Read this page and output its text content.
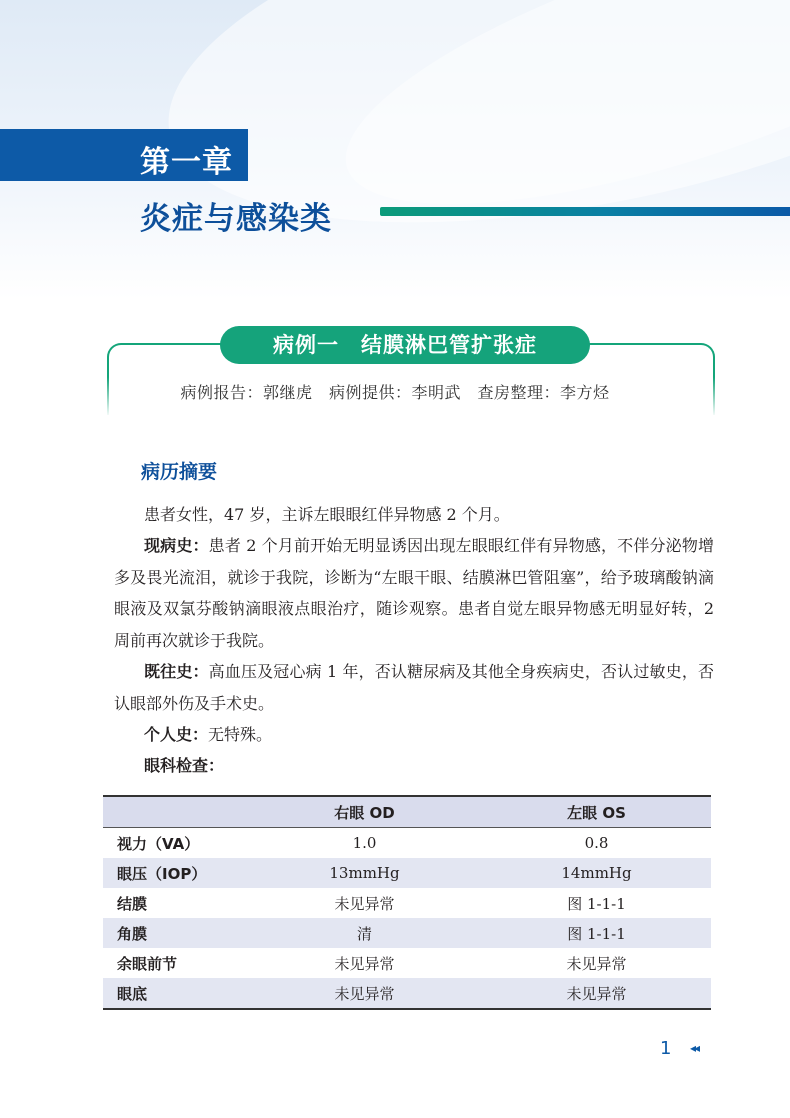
第一章
炎症与感染类
病例一　结膜淋巴管扩张症
病例报告：郭继虎　病例提供：李明武　查房整理：李方烃
病历摘要

患者女性，47 岁，主诉左眼眼红伴异物感 2 个月。

现病史：患者 2 个月前开始无明显诱因出现左眼眼红伴有异物感，不伴分泌物增多及畏光流泪，就诊于我院，诊断为“左眼干眼、结膜淋巴管阻塞”，给予玻璃酸钠滴眼液及双氯芬酸钠滴眼液点眼治疗，随诊观察。患者自觉左眼异物感无明显好转，2 周前再次就诊于我院。

既往史：高血压及冠心病 1 年，否认糖尿病及其他全身疾病史，否认过敏史，否认眼部外伤及手术史。

个人史：无特殊。

眼科检查：

	右眼 OD	左眼 OS
视力（VA）	1.0	0.8
眼压（IOP）	13mmHg	14mmHg
结膜	未见异常	图 1-1-1
角膜	清	图 1-1-1
余眼前节	未见异常	未见异常
眼底	未见异常	未见异常
1 ◂◂
